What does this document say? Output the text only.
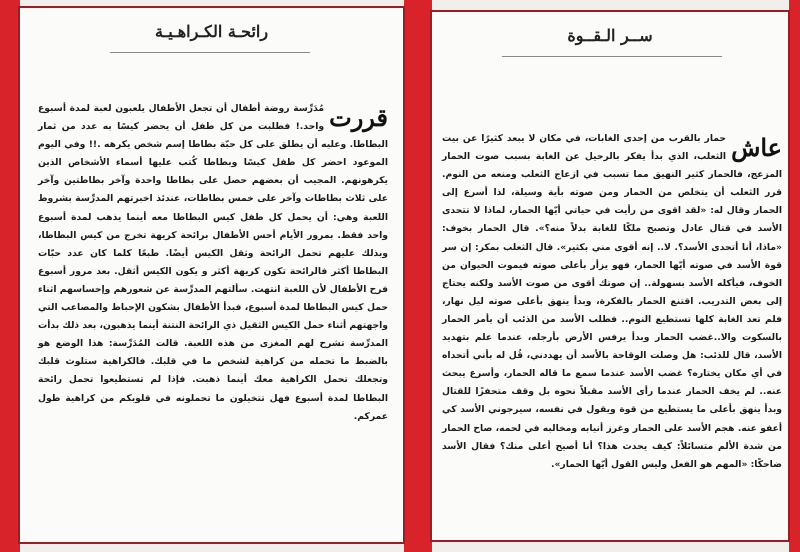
رائحـة الكـراهـيـة
قررت
مُدَرِّسة روضة أطفال أن تجعل الأطفال يلعبون لعبة لمدة أسبوع واحد.! فطلبت من كل طفل أن يحضر كيسًا به عدد من ثمار البطاطا. وعليه أن يطلق على كل حبّة بطاطا إسم شخص يكرهه .!! وفي اليوم الموعود احضر كل طفل كيسًا وبطاطا كُتب عليها أسماء الأشخاص الذين يكرهونهم. المجيب أن بعضهم حصل على بطاطا واحدة وآخر بطاطتين وآخر على ثلاث بطاطات وآخر على خمس بطاطات، عندئذ اخبرتهم المدرِّسة بشروط اللعبة وهي: أن يحمل كل طفل كيس البطاطا معه أينما يذهب لمدة أسبوع واحد فقط. بمرور الأيام أحس الأطفال برائحة كريهة تخرج من كيس البطاطا، وبذلك عليهم تحمل الرائحة وثقل الكيس أيضًا. طبعًا كلما كان عدد حبّات البطاطا أكثر فالرائحة تكون كريهة أكثر و يكون الكيس أثقل. بعد مرور أسبوع فرح الأطفال لأن اللعبة انتهت. سألتهم المدرِّسة عن شعورهم وإحساسهم اثناء حمل كيس البطاطا لمدة أسبوع، فبدأ الأطفال بشكون الإحباط والمصاعب التي واجهتهم أثناء حمل الكيس الثقيل ذي الرائحة النتنة أينما يذهبون، بعد ذلك بدأت المدرِّسة تشرح لهم المغزى من هذه اللعبة. قالت المُدَرِّسة: هذا الوضع هو بالضبط ما تحمله من كراهية لشخص ما في قلبك. فالكراهية ستلوث قلبك وتجعلك تحمل الكراهية معك أينما ذهبت. فإذا لم تستطيعوا تحمل رائحة البطاطا لمدة أسبوع فهل تتخيلون ما تحملونه في قلوبكم من كراهية طول عمركم.
ســر الـقــوة
عاش
حمار بالقرب من إحدى الغابات، في مكان لا يبعد كثيرًا عن بيت الثعلب، الذي بدأ يفكر بالرحيل عن الغابة بسبب صوت الحمار المزعج، فالحمار كثير النهيق مما تسبب في ازعاج الثعلب ومنعه من النوم. قرر الثعلب أن يتخلص من الحمار ومن صوته بأية وسيلة، لذا أسرع إلى الحمار وقال له: «لقد اقوى من رأيت في حياتي أيّها الحمار، لماذا لا تتحدى الأسد في قتال عادل وتصبح ملكًا للغابة بدلاً منه؟». قال الحمار بخوف: «ماذا، أنا أتحدى الأسد؟. لا.. إنه أقوى مني بكثير». قال الثعلب بمكر: إن سر قوة الأسد في صوته أيّها الحمار، فهو يزأر بأعلى صوته فيموت الحيوان من الخوف، فيأكله الأسد بسهولة.. إن صوتك أقوى من صوت الأسد ولكنه يحتاج إلى بعض التدريب. اقتنع الحمار بالفكرة، وبدأ ينهق بأعلى صوته ليل نهار، فلم تعد الغابة كلها تستطيع النوم.. فطلب الأسد من الذئب أن يأمر الحمار بالسكوت والا..غضب الحمار وبدأ يرفس الأرض بأرجله، عندما علم بتهديد الأسد، قال للذئب: هل وصلت الوقاحة بالأسد أن يهددني، قُل له بأني أتحداه في أي مكان يختاره؟ غضب الأسد عندما سمع ما قاله الحمار، وأسرع يبحث عنه.. لم يخف الحمار عندما رأى الأسد مقبلاً نحوه بل وقف متحفزًا للقتال وبدأ ينهق بأعلى ما يستطيع من قوة ويقول في نفسه، سيرجوني الأسد كي أعفو عنه. هجم الأسد على الحمار وغرز أنيابه ومخالبه في لحمه، صاح الحمار من شدة الألم متسائلاً: كيف يحدث هذا؟ أنا أصيح أعلى منك؟ فقال الأسد ضاحكًا: «المهم هو الفعل وليس القول أيّها الحمار».
